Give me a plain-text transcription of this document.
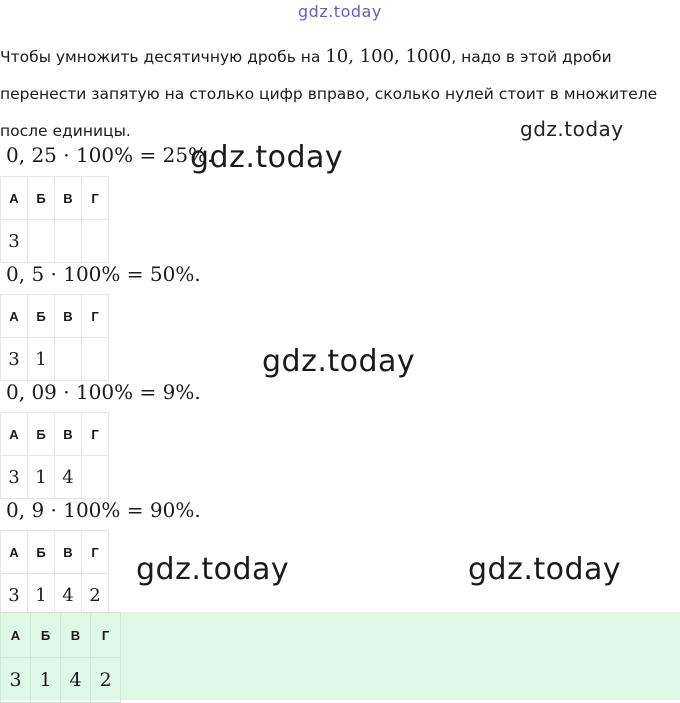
gdz.today
gdz.today
Чтобы умножить десятичную дробь на 10, 100, 1000, надо в этой дроби перенести запятую на столько цифр вправо, сколько нулей стоит в множителе после единицы.
0, 25 · 100% = 25%.
gdz.today
А	Б	В	Г
3			
0, 5 · 100% = 50%.
А	Б	В	Г
3	1			gdz.today
0, 09 · 100% = 9%.
А	Б	В	Г
3	1	4	
0, 9 · 100% = 90%.
А	Б	В	Г
3	1	4	2
gdz.today	gdz.today
А	Б	В	Г
3	1	4	2
